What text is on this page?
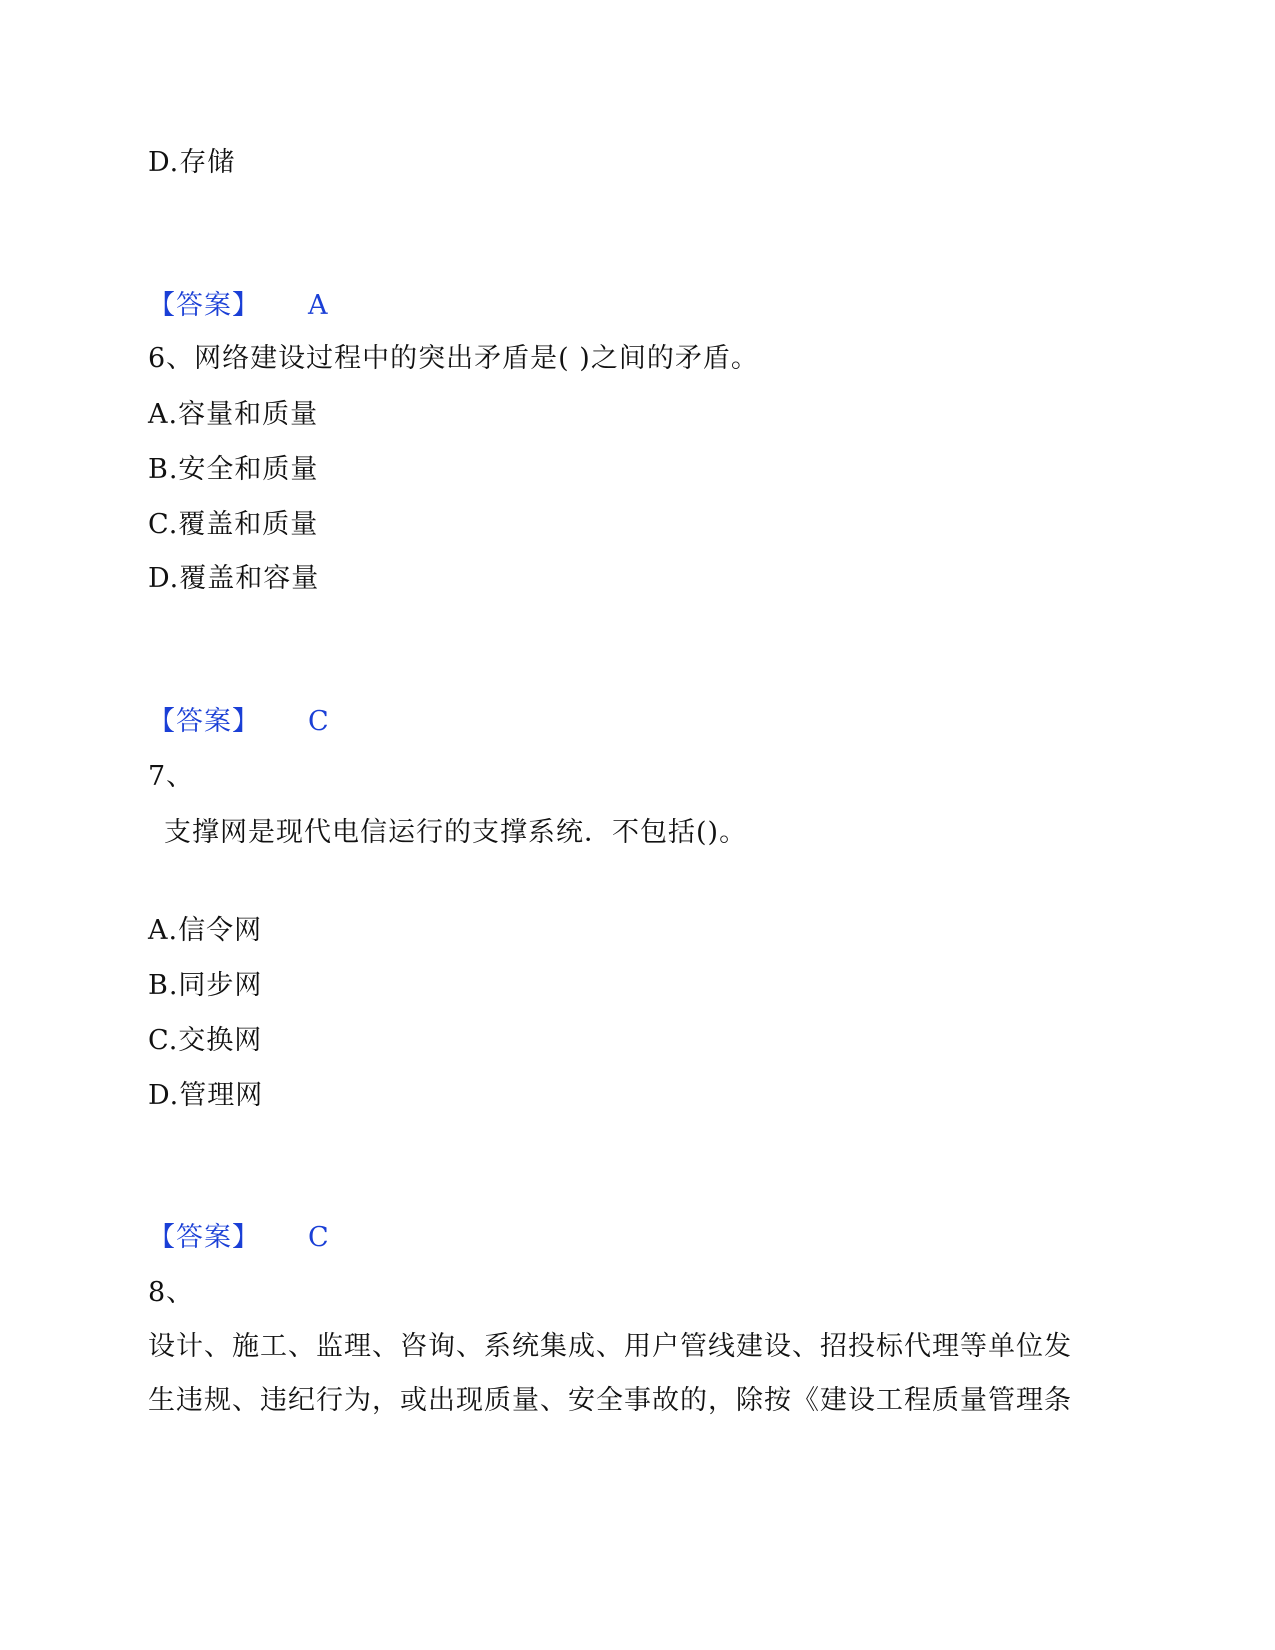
D.存储
【答案】 A
6、网络建设过程中的突出矛盾是( )之间的矛盾。
A.容量和质量
B.安全和质量
C.覆盖和质量
D.覆盖和容量
【答案】 C
7、
支撑网是现代电信运行的支撑系统．不包括()。
A.信令网
B.同步网
C.交换网
D.管理网
【答案】 C
8、
设计、施工、监理、咨询、系统集成、用户管线建设、招投标代理等单位发
生违规、违纪行为，或出现质量、安全事故的，除按《建设工程质量管理条
